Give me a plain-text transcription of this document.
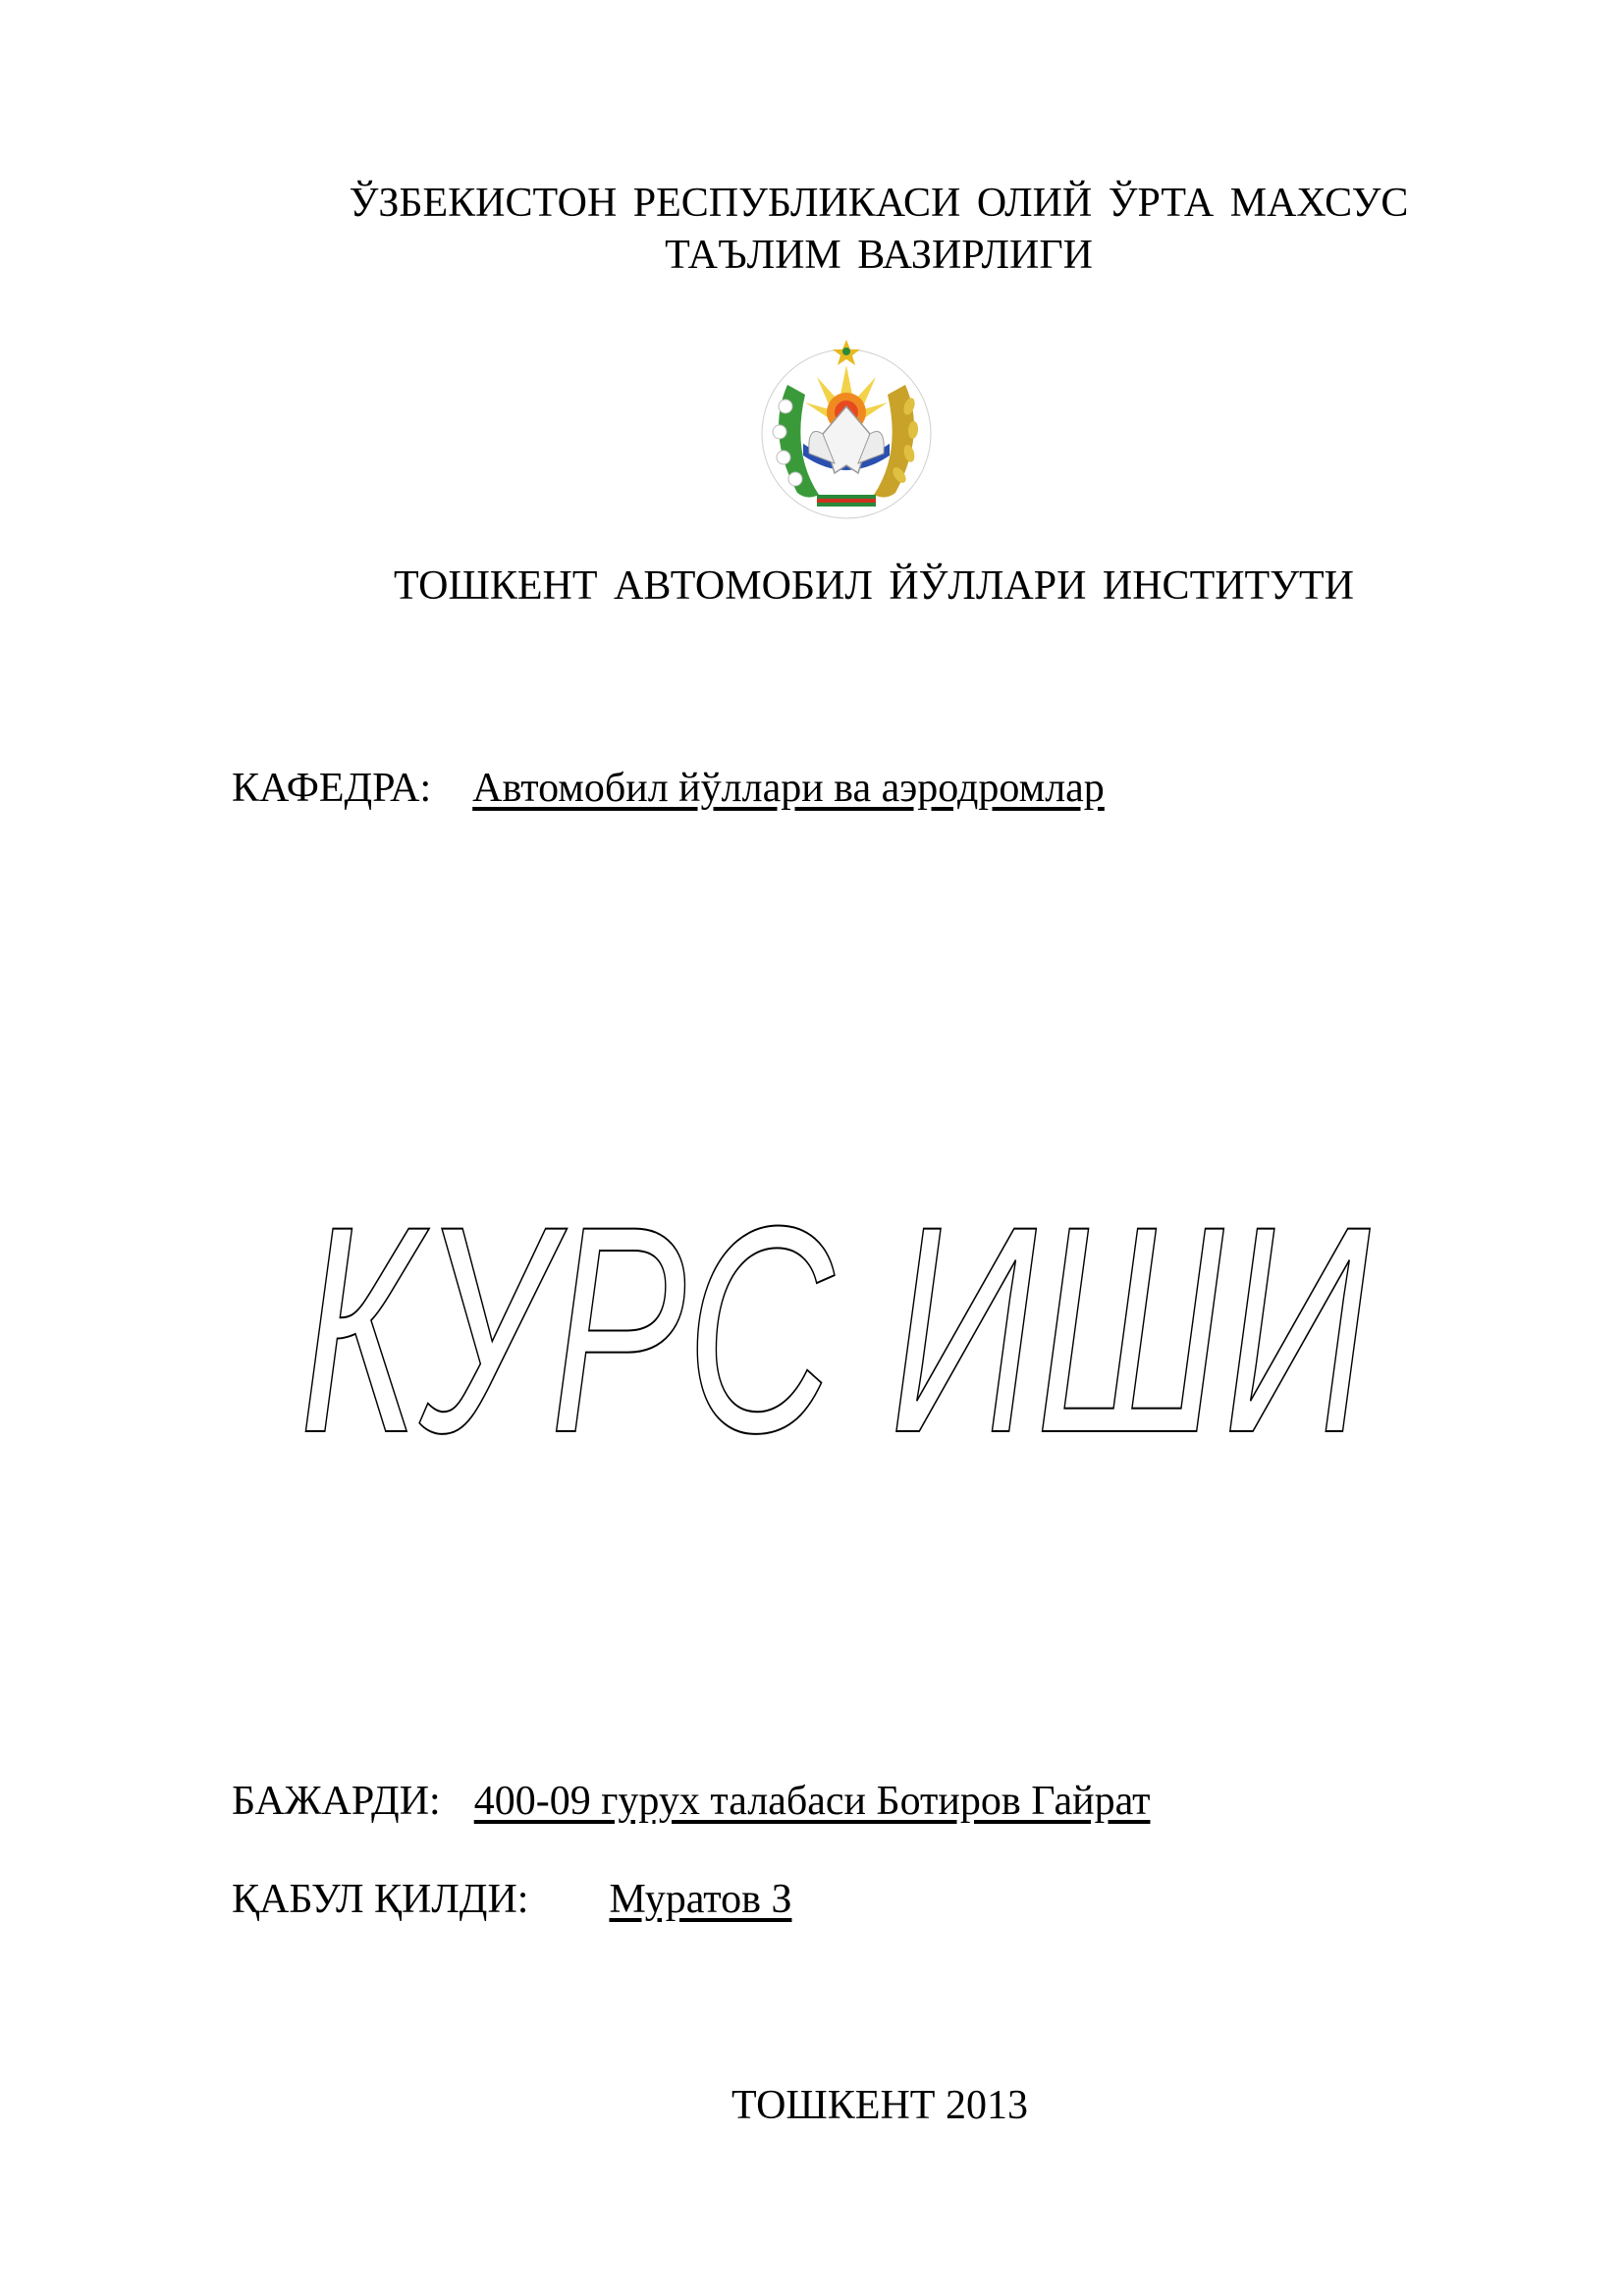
ЎЗБЕКИСТОН РЕСПУБЛИКАСИ ОЛИЙ ЎРТА МАХСУС
ТАЪЛИМ ВАЗИРЛИГИ
ТОШКЕНТ АВТОМОБИЛ ЙЎЛЛАРИ ИНСТИТУТИ
КАФЕДРА: Автомобил йўллари ва аэродромлар
КУРС ИШИ
БАЖАРДИ: 400-09 гурух талабаси Ботиров Гайрат
ҚАБУЛ ҚИЛДИ: Муратов З
ТОШКЕНТ 2013
